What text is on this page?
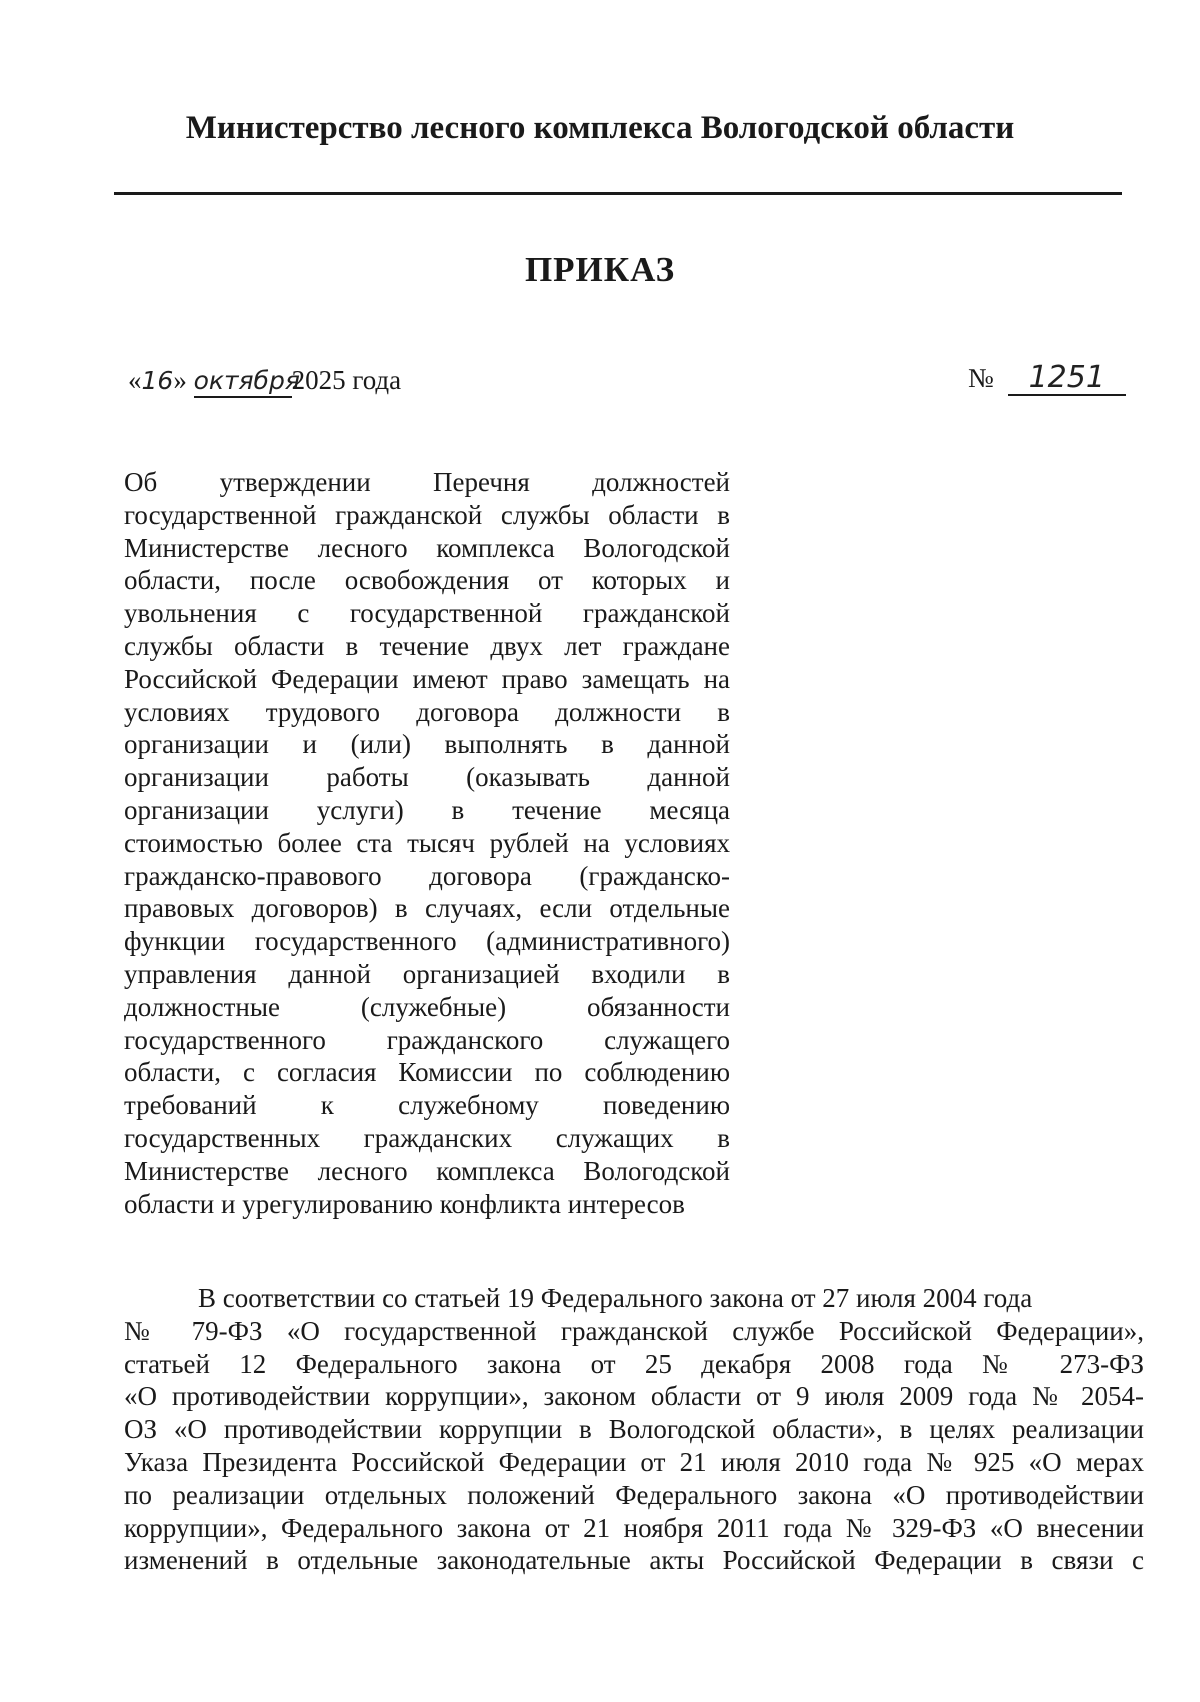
Министерство лесного комплекса Вологодской области
ПРИКАЗ
«16» октября2025 года	№ 1251
Об утверждении Перечня должностей
государственной гражданской службы области в
Министерстве лесного комплекса Вологодской
области, после освобождения от которых и
увольнения с государственной гражданской
службы области в течение двух лет граждане
Российской Федерации имеют право замещать на
условиях трудового договора должности в
организации и (или) выполнять в данной
организации работы (оказывать данной
организации услуги) в течение месяца
стоимостью более ста тысяч рублей на условиях
гражданско-правового договора (гражданско-
правовых договоров) в случаях, если отдельные
функции государственного (административного)
управления данной организацией входили в
должностные (служебные) обязанности
государственного гражданского служащего
области, с согласия Комиссии по соблюдению
требований к служебному поведению
государственных гражданских служащих в
Министерстве лесного комплекса Вологодской
области и урегулированию конфликта интересов
В соответствии со статьей 19 Федерального закона от 27 июля 2004 года
№ 79-ФЗ «О государственной гражданской службе Российской Федерации»,
статьей 12 Федерального закона от 25 декабря 2008 года № 273-ФЗ
«О противодействии коррупции», законом области от 9 июля 2009 года № 2054-
ОЗ «О противодействии коррупции в Вологодской области», в целях реализации
Указа Президента Российской Федерации от 21 июля 2010 года № 925 «О мерах
по реализации отдельных положений Федерального закона «О противодействии
коррупции», Федерального закона от 21 ноября 2011 года № 329-ФЗ «О внесении
изменений в отдельные законодательные акты Российской Федерации в связи с
